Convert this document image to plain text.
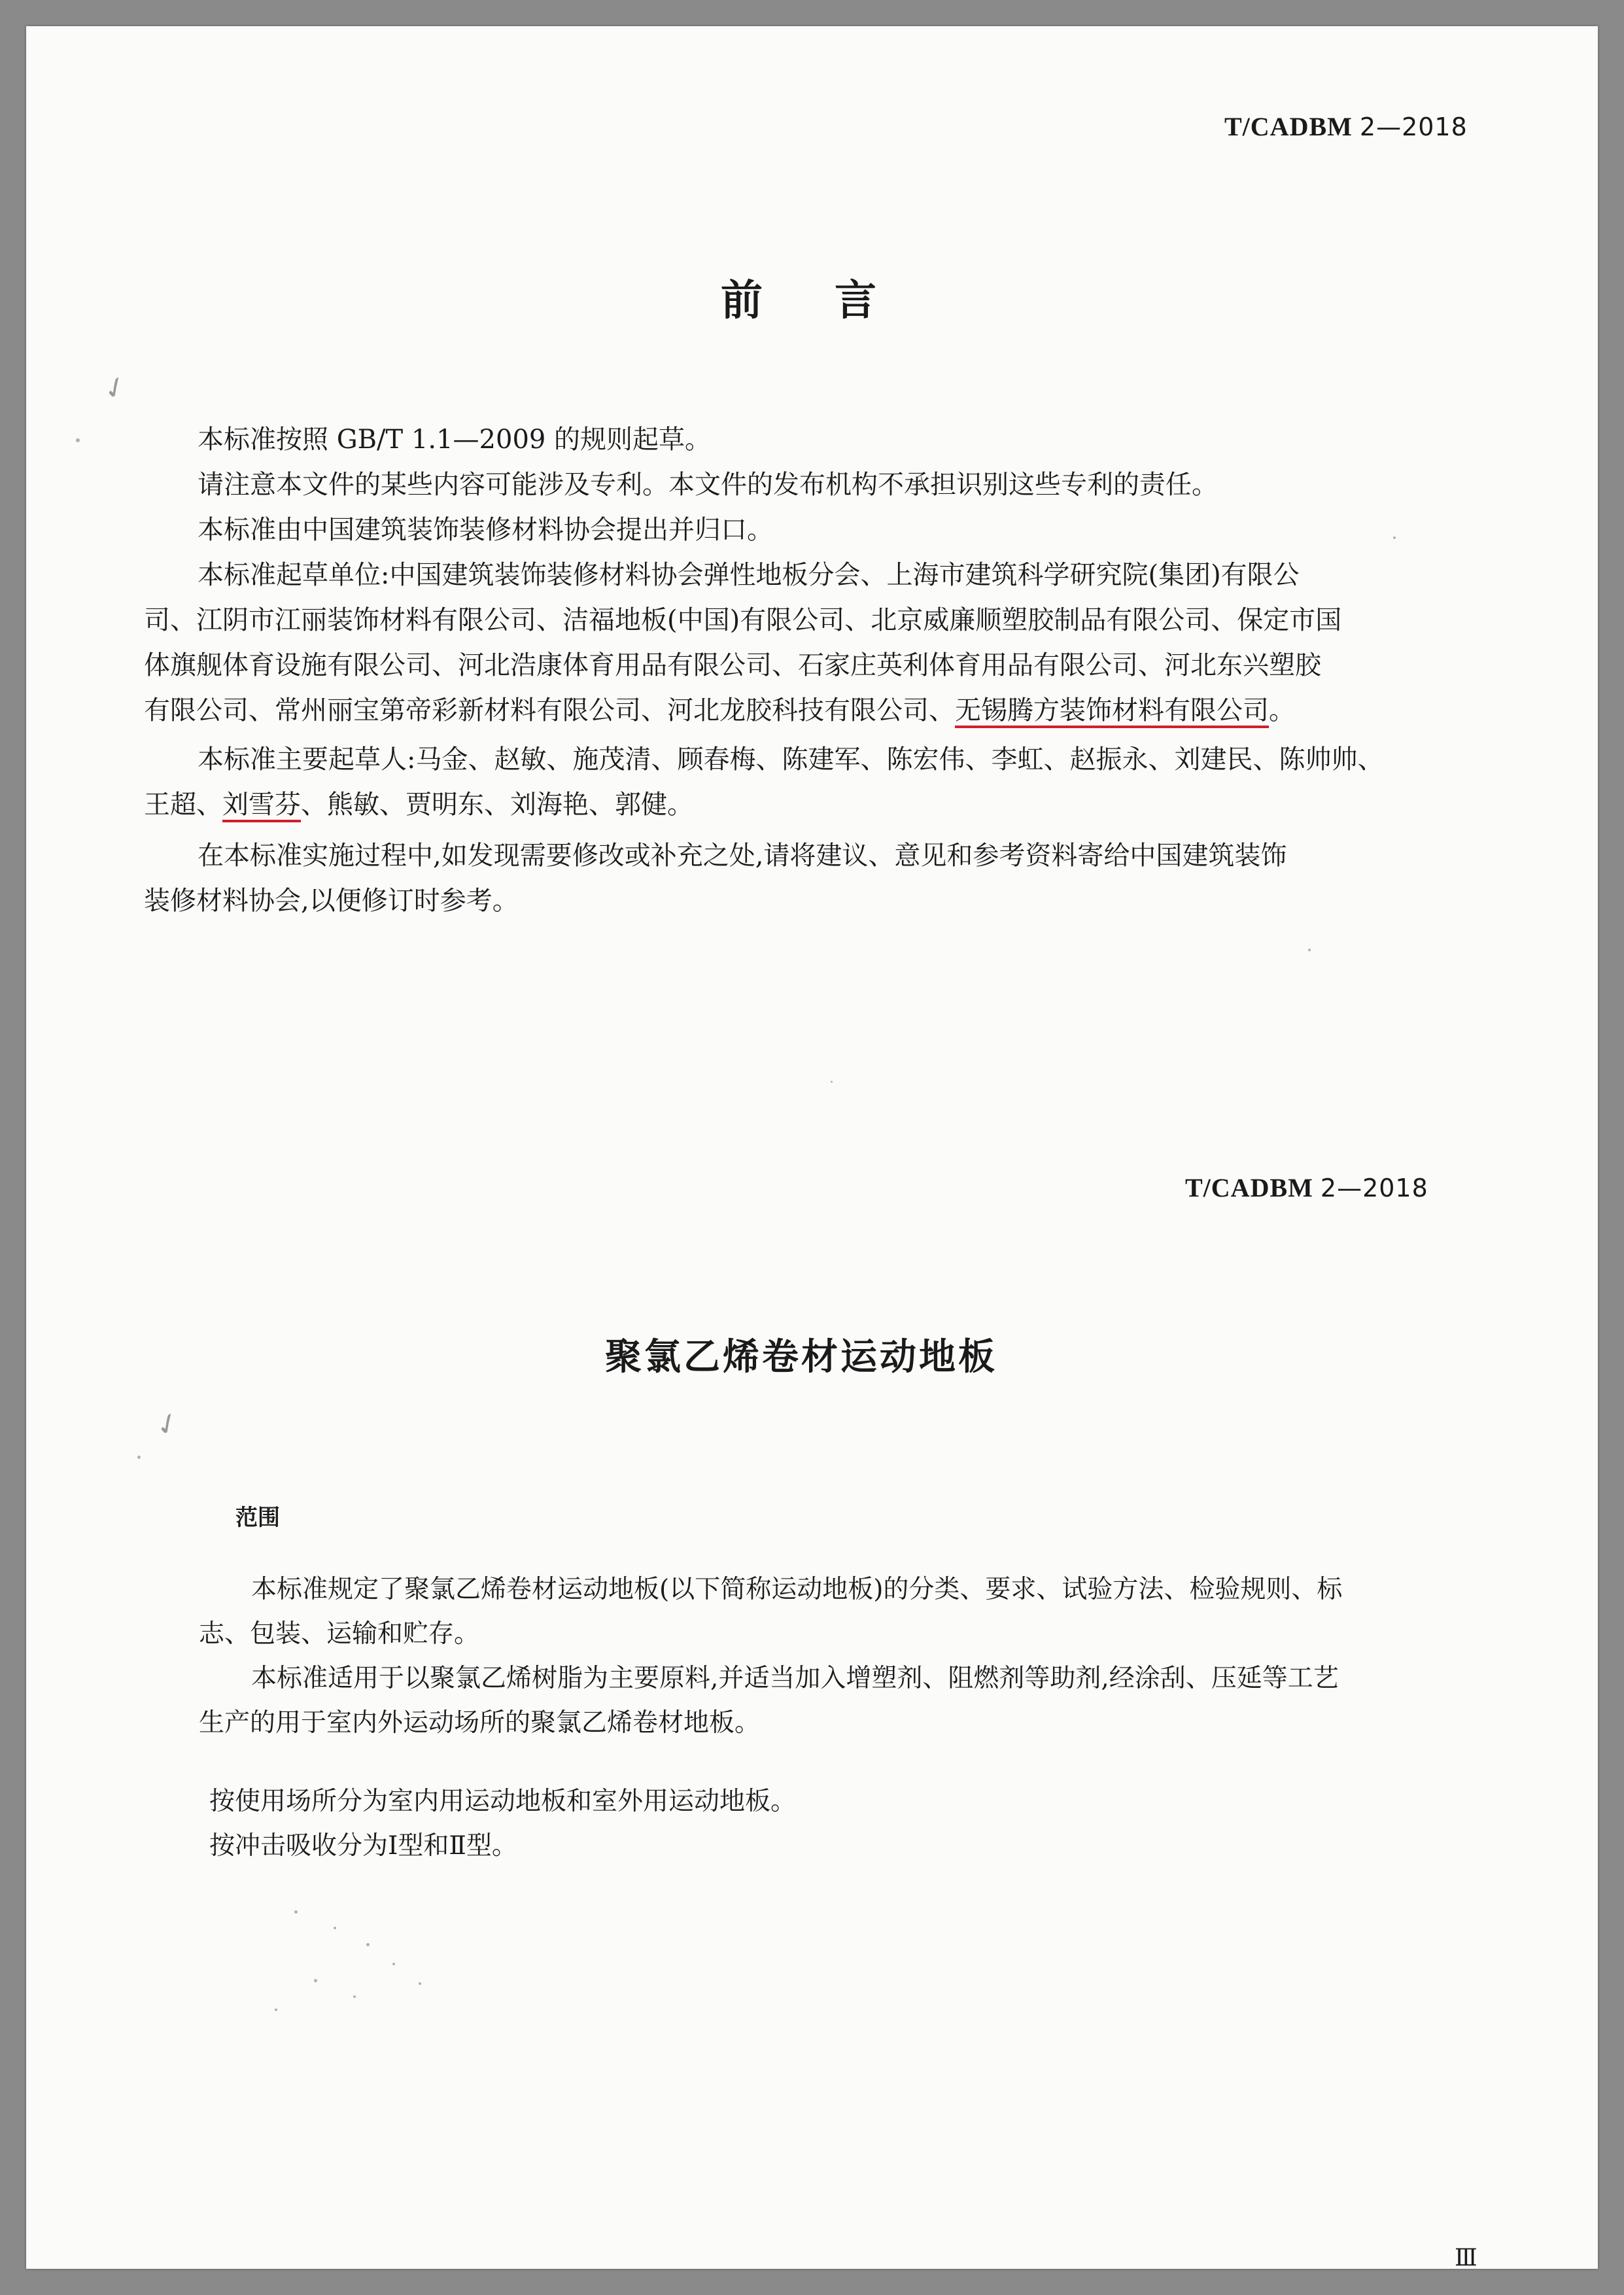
T/CADBM 2—2018
前言
本标准按照 GB/T 1.1—2009 的规则起草。
请注意本文件的某些内容可能涉及专利。本文件的发布机构不承担识别这些专利的责任。
本标准由中国建筑装饰装修材料协会提出并归口。
本标准起草单位:中国建筑装饰装修材料协会弹性地板分会、上海市建筑科学研究院(集团)有限公
司、江阴市江丽装饰材料有限公司、洁福地板(中国)有限公司、北京威廉顺塑胶制品有限公司、保定市国
体旗舰体育设施有限公司、河北浩康体育用品有限公司、石家庄英利体育用品有限公司、河北东兴塑胶
有限公司、常州丽宝第帝彩新材料有限公司、河北龙胶科技有限公司、无锡腾方装饰材料有限公司。
本标准主要起草人:马金、赵敏、施茂清、顾春梅、陈建军、陈宏伟、李虹、赵振永、刘建民、陈帅帅、
王超、刘雪芬、熊敏、贾明东、刘海艳、郭健。
在本标准实施过程中,如发现需要修改或补充之处,请将建议、意见和参考资料寄给中国建筑装饰
装修材料协会,以便修订时参考。
T/CADBM 2—2018
聚氯乙烯卷材运动地板
范围
本标准规定了聚氯乙烯卷材运动地板(以下简称运动地板)的分类、要求、试验方法、检验规则、标
志、包装、运输和贮存。
本标准适用于以聚氯乙烯树脂为主要原料,并适当加入增塑剂、阻燃剂等助剂,经涂刮、压延等工艺
生产的用于室内外运动场所的聚氯乙烯卷材地板。
按使用场所分为室内用运动地板和室外用运动地板。
按冲击吸收分为Ⅰ型和Ⅱ型。
Ⅲ
✓
✓
